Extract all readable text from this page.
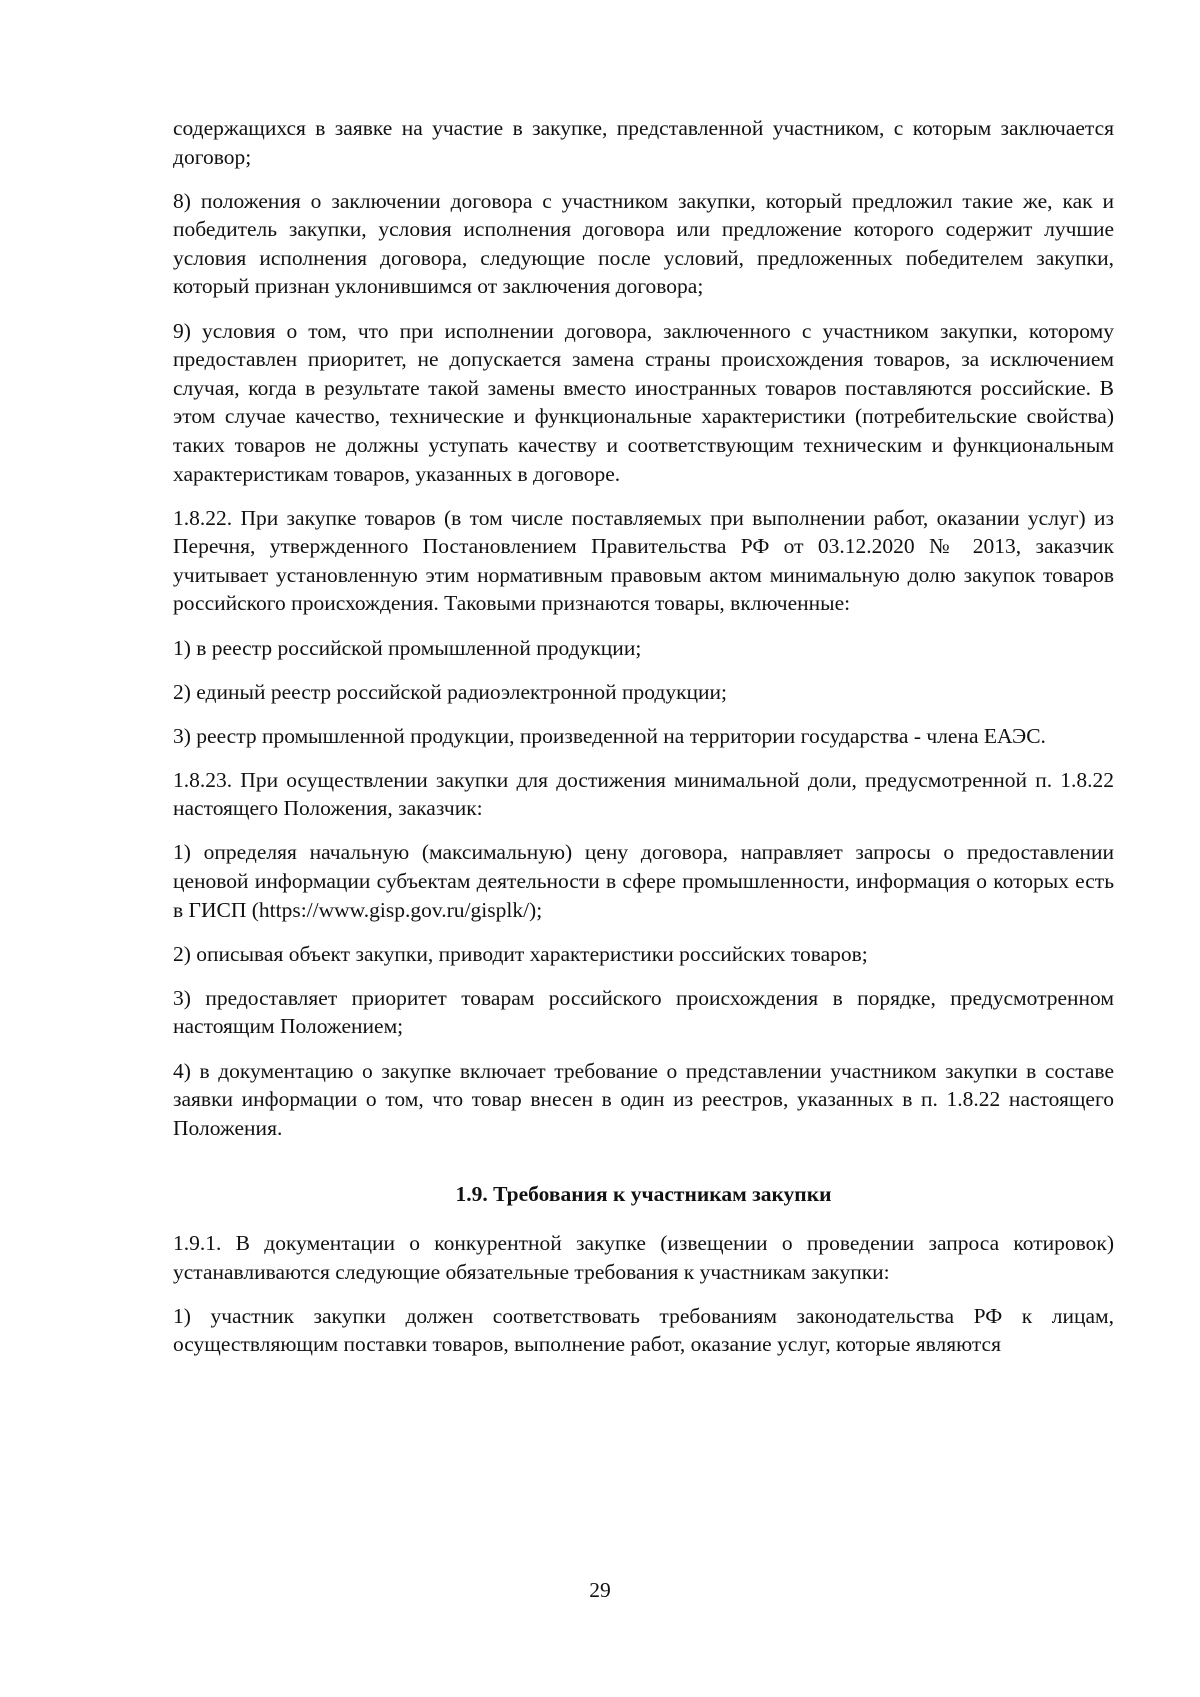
содержащихся в заявке на участие в закупке, представленной участником, с которым заключается договор;

8) положения о заключении договора с участником закупки, который предложил такие же, как и победитель закупки, условия исполнения договора или предложение которого содержит лучшие условия исполнения договора, следующие после условий, предложенных победителем закупки, который признан уклонившимся от заключения договора;

9) условия о том, что при исполнении договора, заключенного с участником закупки, которому предоставлен приоритет, не допускается замена страны происхождения товаров, за исключением случая, когда в результате такой замены вместо иностранных товаров поставляются российские. В этом случае качество, технические и функциональные характеристики (потребительские свойства) таких товаров не должны уступать качеству и соответствующим техническим и функциональным характеристикам товаров, указанных в договоре.

1.8.22. При закупке товаров (в том числе поставляемых при выполнении работ, оказании услуг) из Перечня, утвержденного Постановлением Правительства РФ от 03.12.2020 № 2013, заказчик учитывает установленную этим нормативным правовым актом минимальную долю закупок товаров российского происхождения. Таковыми признаются товары, включенные:

1) в реестр российской промышленной продукции;

2) единый реестр российской радиоэлектронной продукции;

3) реестр промышленной продукции, произведенной на территории государства - члена ЕАЭС.

1.8.23. При осуществлении закупки для достижения минимальной доли, предусмотренной п. 1.8.22 настоящего Положения, заказчик:

1) определяя начальную (максимальную) цену договора, направляет запросы о предоставлении ценовой информации субъектам деятельности в сфере промышленности, информация о которых есть в ГИСП (https://www.gisp.gov.ru/gisplk/);

2) описывая объект закупки, приводит характеристики российских товаров;

3) предоставляет приоритет товарам российского происхождения в порядке, предусмотренном настоящим Положением;

4) в документацию о закупке включает требование о представлении участником закупки в составе заявки информации о том, что товар внесен в один из реестров, указанных в п. 1.8.22 настоящего Положения.

1.9. Требования к участникам закупки

1.9.1. В документации о конкурентной закупке (извещении о проведении запроса котировок) устанавливаются следующие обязательные требования к участникам закупки:

1) участник закупки должен соответствовать требованиям законодательства РФ к лицам, осуществляющим поставки товаров, выполнение работ, оказание услуг, которые являются

29
